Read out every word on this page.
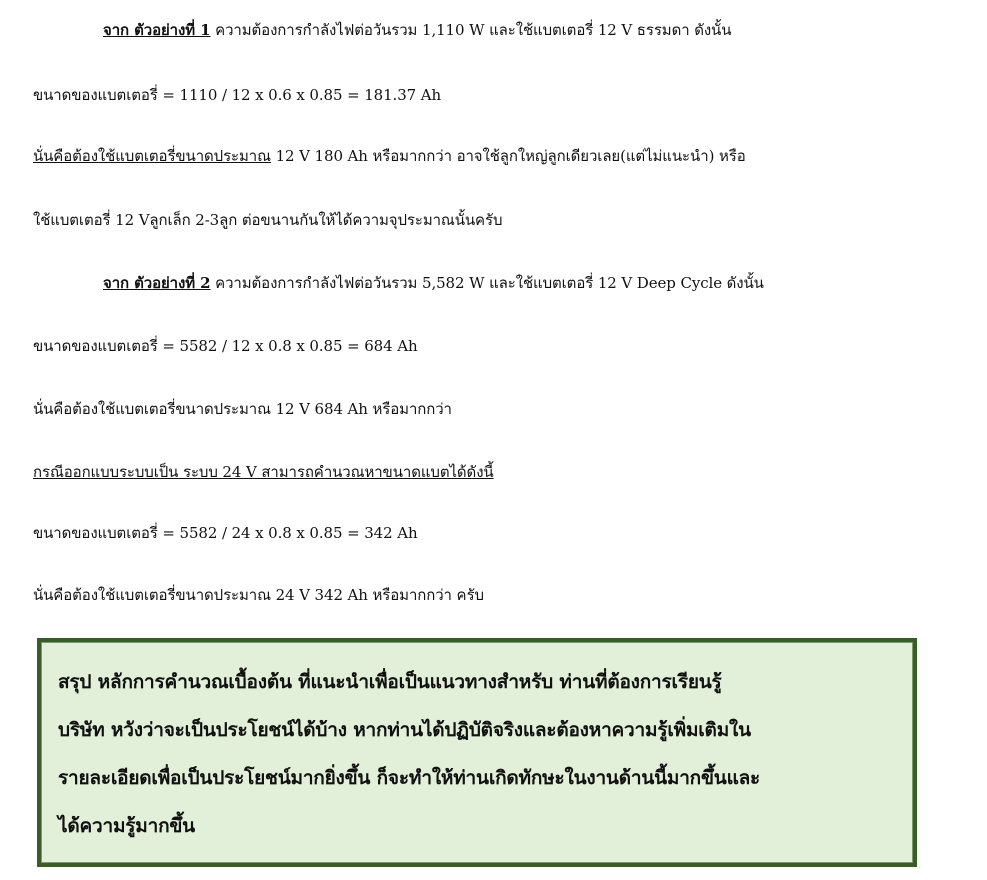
จาก ตัวอย่างที่ 1 ความต้องการกำลังไฟต่อวันรวม 1,110 W และใช้แบตเตอรี่ 12 V ธรรมดา ดังนั้น

ขนาดของแบตเตอรี่ = 1110 / 12 x 0.6 x 0.85 = 181.37 Ah

นั่นคือต้องใช้แบตเตอรี่ขนาดประมาณ 12 V 180 Ah หรือมากกว่า อาจใช้ลูกใหญ่ลูกเดียวเลย(แต่ไม่แนะนำ) หรือ

ใช้แบตเตอรี่ 12 Vลูกเล็ก 2-3ลูก ต่อขนานกันให้ได้ความจุประมาณนั้นครับ

จาก ตัวอย่างที่ 2 ความต้องการกำลังไฟต่อวันรวม 5,582 W และใช้แบตเตอรี่ 12 V Deep Cycle ดังนั้น

ขนาดของแบตเตอรี่ = 5582 / 12 x 0.8 x 0.85 = 684 Ah

นั่นคือต้องใช้แบตเตอรี่ขนาดประมาณ 12 V 684 Ah หรือมากกว่า

กรณีออกแบบระบบเป็น ระบบ 24 V สามารถคำนวณหาขนาดแบตได้ดังนี้

ขนาดของแบตเตอรี่ = 5582 / 24 x 0.8 x 0.85 = 342 Ah

นั่นคือต้องใช้แบตเตอรี่ขนาดประมาณ 24 V 342 Ah หรือมากกว่า ครับ

สรุป หลักการคำนวณเบื้องต้น ที่แนะนำเพื่อเป็นแนวทางสำหรับ ท่านที่ต้องการเรียนรู้
บริษัท หวังว่าจะเป็นประโยชน์ได้บ้าง หากท่านได้ปฏิบัติจริงและต้องหาความรู้เพิ่มเติมใน
รายละเอียดเพื่อเป็นประโยชน์มากยิ่งขึ้น ก็จะทำให้ท่านเกิดทักษะในงานด้านนี้มากขึ้นและ
ได้ความรู้มากขึ้น
